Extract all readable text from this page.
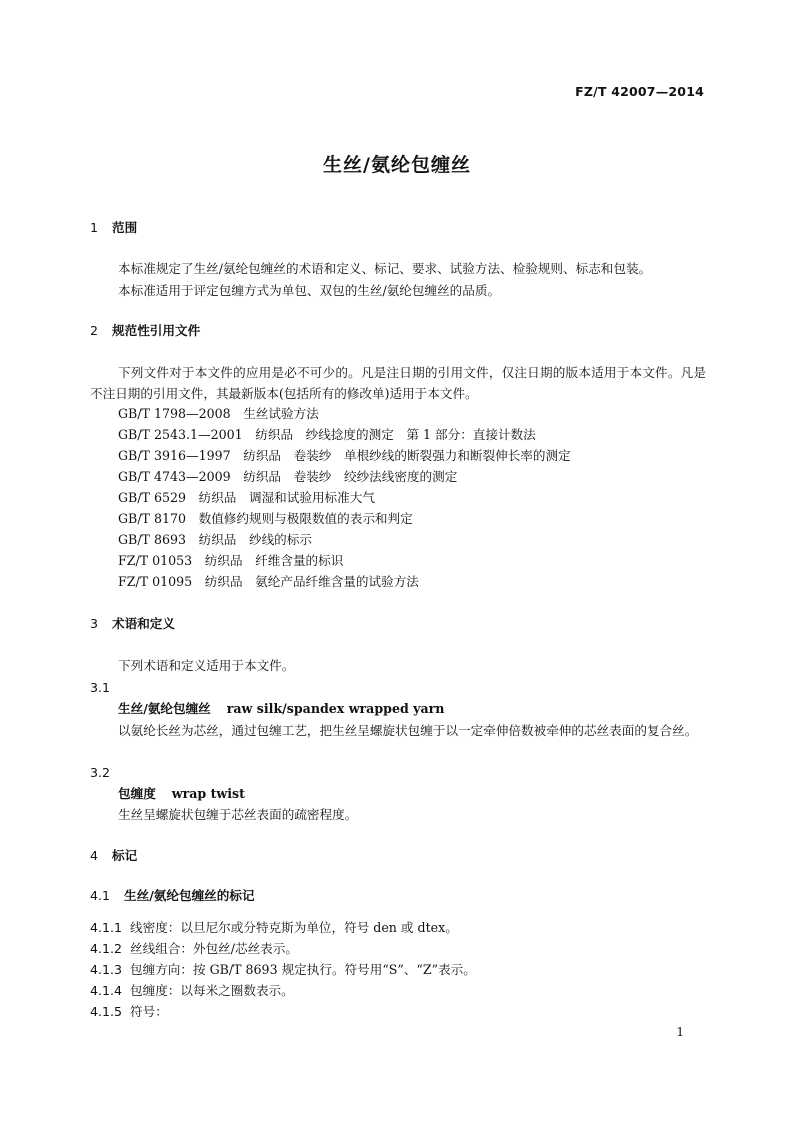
FZ/T 42007—2014
生丝/氨纶包缠丝
1 范围
本标准规定了生丝/氨纶包缠丝的术语和定义、标记、要求、试验方法、检验规则、标志和包装。
本标准适用于评定包缠方式为单包、双包的生丝/氨纶包缠丝的品质。
2 规范性引用文件
下列文件对于本文件的应用是必不可少的。凡是注日期的引用文件，仅注日期的版本适用于本文件。凡是不注日期的引用文件，其最新版本(包括所有的修改单)适用于本文件。
GB/T 1798—2008　生丝试验方法
GB/T 2543.1—2001　纺织品　纱线捻度的测定　第 1 部分：直接计数法
GB/T 3916—1997　纺织品　卷装纱　单根纱线的断裂强力和断裂伸长率的测定
GB/T 4743—2009　纺织品　卷装纱　绞纱法线密度的测定
GB/T 6529　纺织品　调湿和试验用标准大气
GB/T 8170　数值修约规则与极限数值的表示和判定
GB/T 8693　纺织品　纱线的标示
FZ/T 01053　纺织品　纤维含量的标识
FZ/T 01095　纺织品　氨纶产品纤维含量的试验方法
3 术语和定义
下列术语和定义适用于本文件。
3.1
生丝/氨纶包缠丝 raw silk/spandex wrapped yarn
以氨纶长丝为芯丝，通过包缠工艺，把生丝呈螺旋状包缠于以一定牵伸倍数被牵伸的芯丝表面的复合丝。
3.2
包缠度 wrap twist
生丝呈螺旋状包缠于芯丝表面的疏密程度。
4 标记
4.1 生丝/氨纶包缠丝的标记
4.1.1 线密度：以旦尼尔或分特克斯为单位，符号 den 或 dtex。
4.1.2 丝线组合：外包丝/芯丝表示。
4.1.3 包缠方向：按 GB/T 8693 规定执行。符号用“S”、“Z”表示。
4.1.4 包缠度：以每米之圈数表示。
4.1.5 符号：
1
